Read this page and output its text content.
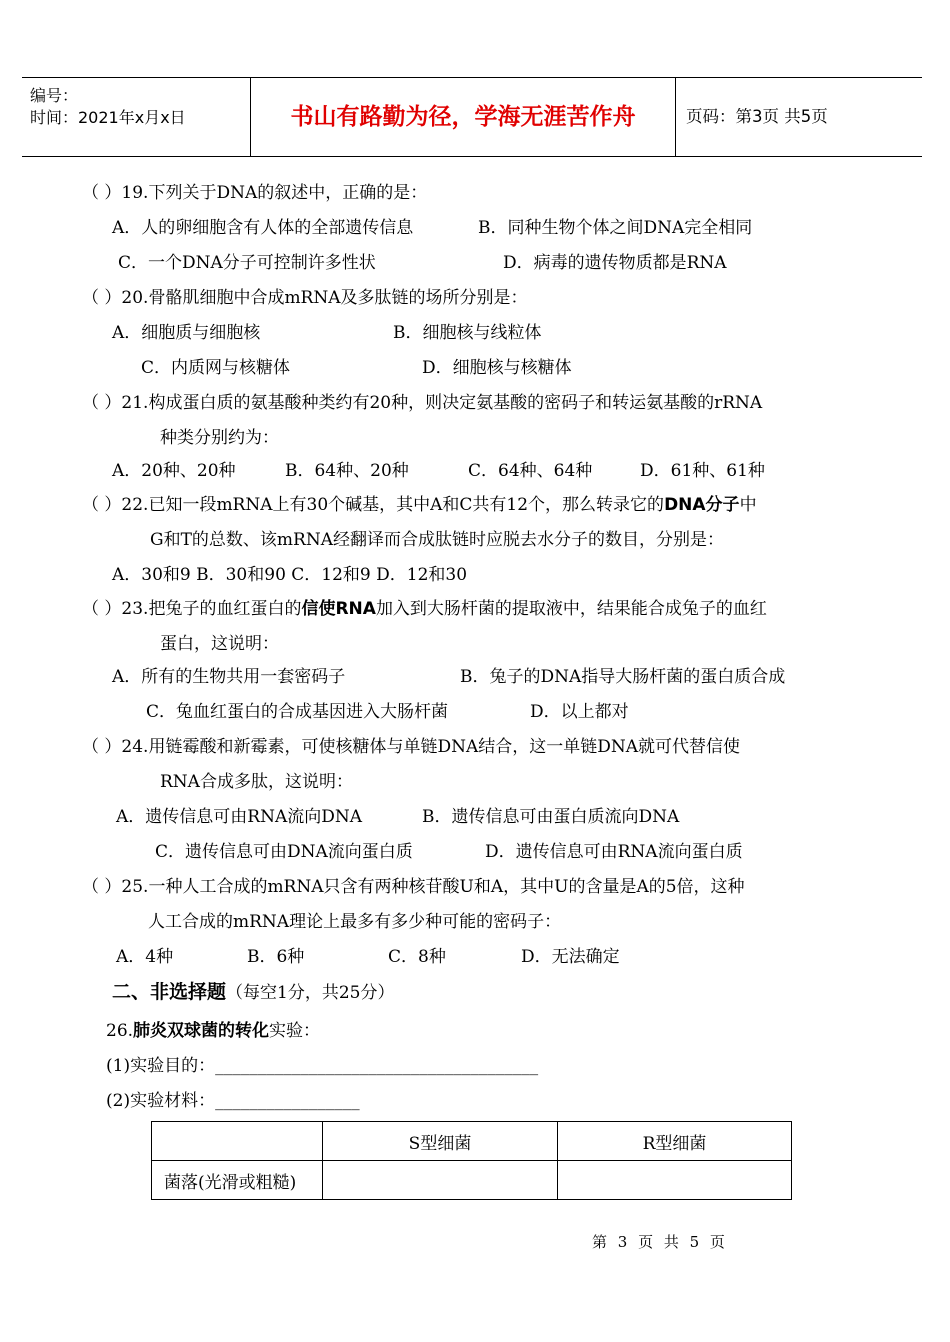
编号：
时间：2021年x月x日	书山有路勤为径，学海无涯苦作舟	页码：第3页 共5页
（ ）19.下列关于DNA的叙述中，正确的是：
A．人的卵细胞含有人体的全部遗传信息	B．同种生物个体之间DNA完全相同
C．一个DNA分子可控制许多性状	D．病毒的遗传物质都是RNA
（ ）20.骨骼肌细胞中合成mRNA及多肽链的场所分别是：
A．细胞质与细胞核	B．细胞核与线粒体
C．内质网与核糖体	D．细胞核与核糖体
（ ）21.构成蛋白质的氨基酸种类约有20种，则决定氨基酸的密码子和转运氨基酸的rRNA
种类分别约为：
A．20种、20种	B．64种、20种	C．64种、64种	D．61种、61种
（ ）22.已知一段mRNA上有30个碱基，其中A和C共有12个，那么转录它的DNA分子中
G和T的总数、该mRNA经翻译而合成肽链时应脱去水分子的数目，分别是：
A．30和9 B．30和90 C．12和9 D．12和30
（ ）23.把兔子的血红蛋白的信使RNA加入到大肠杆菌的提取液中，结果能合成兔子的血红
蛋白，这说明：
A．所有的生物共用一套密码子	B．兔子的DNA指导大肠杆菌的蛋白质合成
C．兔血红蛋白的合成基因进入大肠杆菌	D．以上都对
（ ）24.用链霉酸和新霉素，可使核糖体与单链DNA结合，这一单链DNA就可代替信使
RNA合成多肽，这说明：
A．遗传信息可由RNA流向DNA	B．遗传信息可由蛋白质流向DNA
C．遗传信息可由DNA流向蛋白质	D．遗传信息可由RNA流向蛋白质
（ ）25.一种人工合成的mRNA只含有两种核苷酸U和A，其中U的含量是A的5倍，这种
人工合成的mRNA理论上最多有多少种可能的密码子：
A．4种	B．6种	C．8种	D．无法确定
二、非选择题（每空1分，共25分）
26.肺炎双球菌的转化实验：
(1)实验目的：______________________________________
(2)实验材料：_________________
	S型细菌	R型细菌
菌落(光滑或粗糙)		
第 3 页 共 5 页
